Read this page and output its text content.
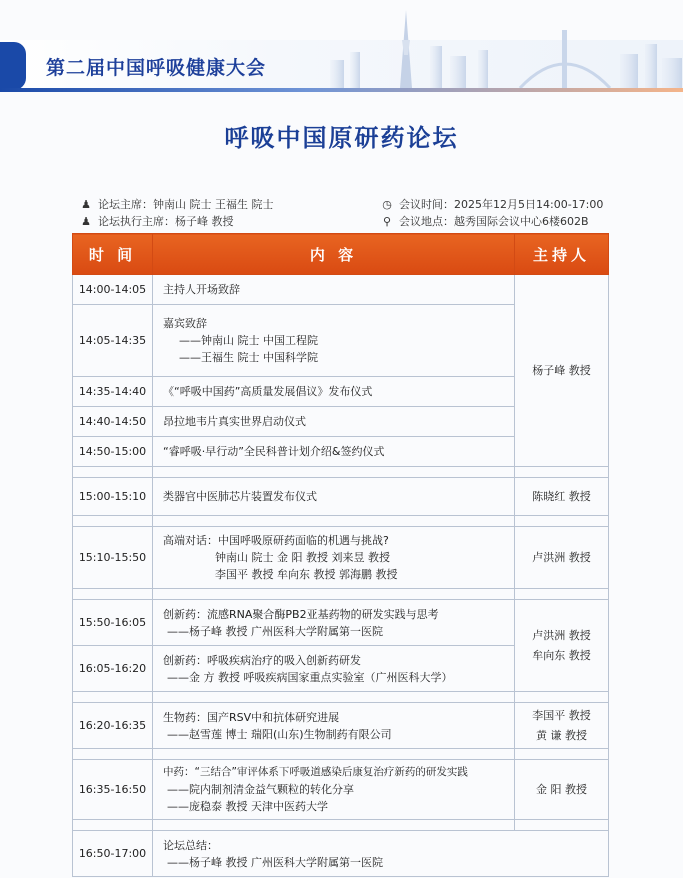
第二届中国呼吸健康大会
呼吸中国原研药论坛
♟ 论坛主席：钟南山 院士 王福生 院士
♟ 论坛执行主席：杨子峰 教授
◷ 会议时间：2025年12月5日14:00-17:00
⚲ 会议地点：越秀国际会议中心6楼602B
时 间	内 容	主持人
14:00-14:05	主持人开场致辞	杨子峰 教授
14:05-14:35	嘉宾致辞
——钟南山 院士 中国工程院
——王福生 院士 中国科学院	

14:35-14:40	《“呼吸中国药”高质量发展倡议》发布仪式	
14:40-14:50	昂拉地韦片真实世界启动仪式	
14:50-15:00	“睿呼吸·早行动”全民科普计划介绍&签约仪式	

15:00-15:10	类器官中医肺芯片装置发布仪式	陈晓红 教授

15:10-15:50	高端对话：中国呼吸原研药面临的机遇与挑战?
钟南山 院士 金 阳 教授 刘来昱 教授
李国平 教授 牟向东 教授 郭海鹏 教授	卢洪洲 教授

15:50-16:05	创新药：流感RNA聚合酶PB2亚基药物的研发实践与思考
——杨子峰 教授 广州医科大学附属第一医院	卢洪洲 教授
牟向东 教授

16:05-16:20	创新药：呼吸疾病治疗的吸入创新药研发
——金 方 教授 呼吸疾病国家重点实验室（广州医科大学）	

16:20-16:35	生物药：国产RSV中和抗体研究进展
——赵雪莲 博士 瑞阳(山东)生物制药有限公司	李国平 教授
黄 谦 教授

16:35-16:50	中药：“三结合”审评体系下呼吸道感染后康复治疗新药的研发实践
——院内制剂清金益气颗粒的转化分享
——庞稳泰 教授 天津中医药大学	金 阳 教授

16:50-17:00	论坛总结：
——杨子峰 教授 广州医科大学附属第一医院	
